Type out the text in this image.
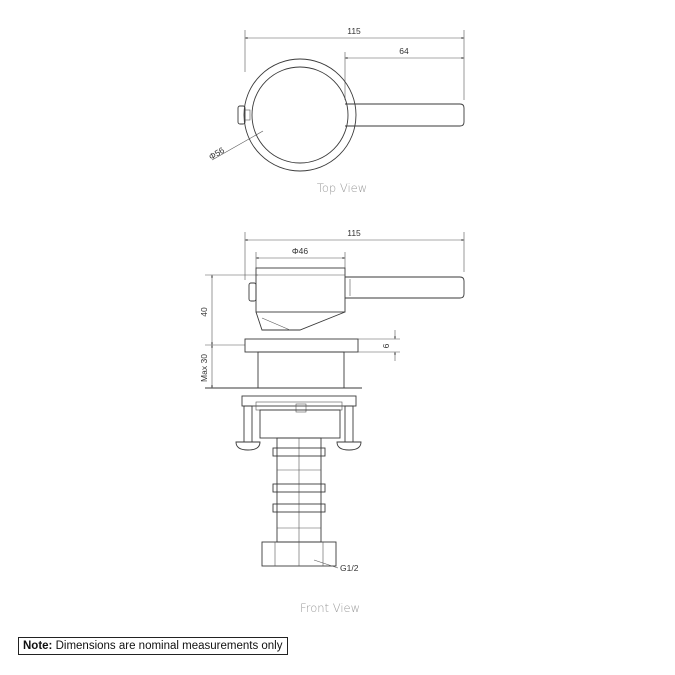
115
64
Φ56
Top View
115
Φ46
40
Max 30
6
G1/2
Front View
Note: Dimensions are nominal measurements only
